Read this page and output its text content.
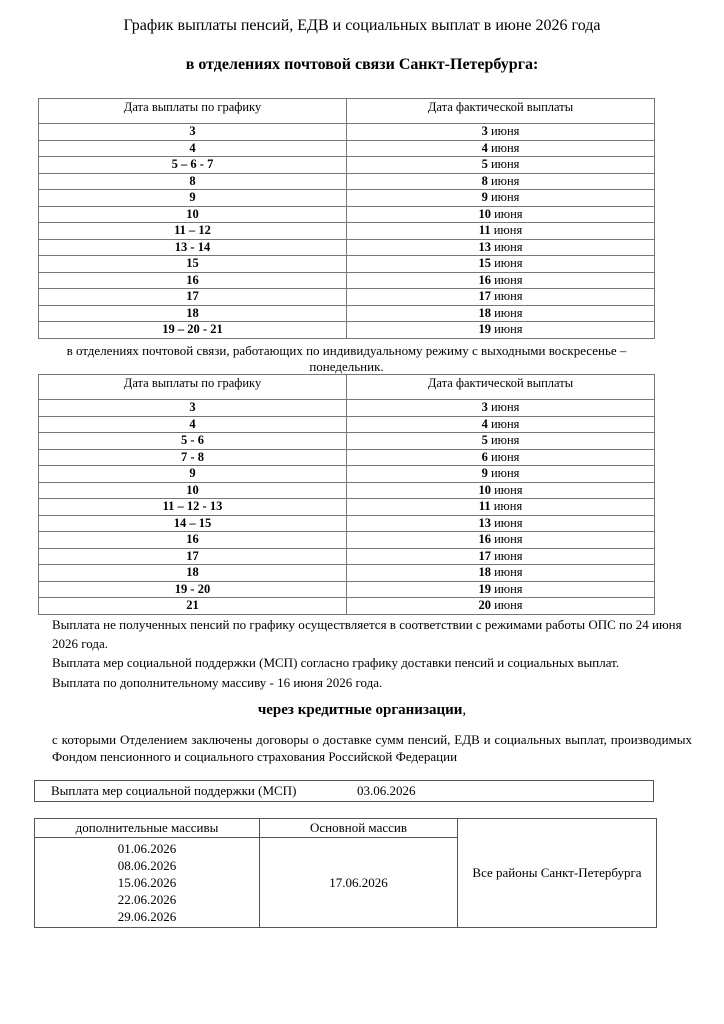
График выплаты пенсий, ЕДВ и социальных выплат в июне 2026 года
в отделениях почтовой связи Санкт-Петербурга:
Дата выплаты по графику	Дата фактической выплаты
3	3 июня
4	4 июня
5 – 6 - 7	5 июня
8	8 июня
9	9 июня
10	10 июня
11 – 12	11 июня
13 - 14	13 июня
15	15 июня
16	16 июня
17	17 июня
18	18 июня
19 – 20 - 21	19 июня
в отделениях почтовой связи, работающих по индивидуальному режиму с выходными воскресенье – понедельник.
Дата выплаты по графику	Дата фактической выплаты
3	3 июня
4	4 июня
5 - 6	5 июня
7 - 8	6 июня
9	9 июня
10	10 июня
11 – 12 - 13	11 июня
14 – 15	13 июня
16	16 июня
17	17 июня
18	18 июня
19 - 20	19 июня
21	20 июня
Выплата не полученных пенсий по графику осуществляется в соответствии с режимами работы ОПС по 24 июня 2026 года.
Выплата мер социальной поддержки (МСП) согласно графику доставки пенсий и социальных выплат.
Выплата по дополнительному массиву - 16 июня 2026 года.
через кредитные организации,
с которыми Отделением заключены договоры о доставке сумм пенсий, ЕДВ и социальных выплат, производимых Фондом пенсионного и социального страхования Российской Федерации
Выплата мер социальной поддержки (МСП)	03.06.2026
дополнительные массивы	Основной массив	Все районы Санкт-Петербурга

01.06.2026
08.06.2026
15.06.2026
22.06.2026
29.06.2026	17.06.2026	
